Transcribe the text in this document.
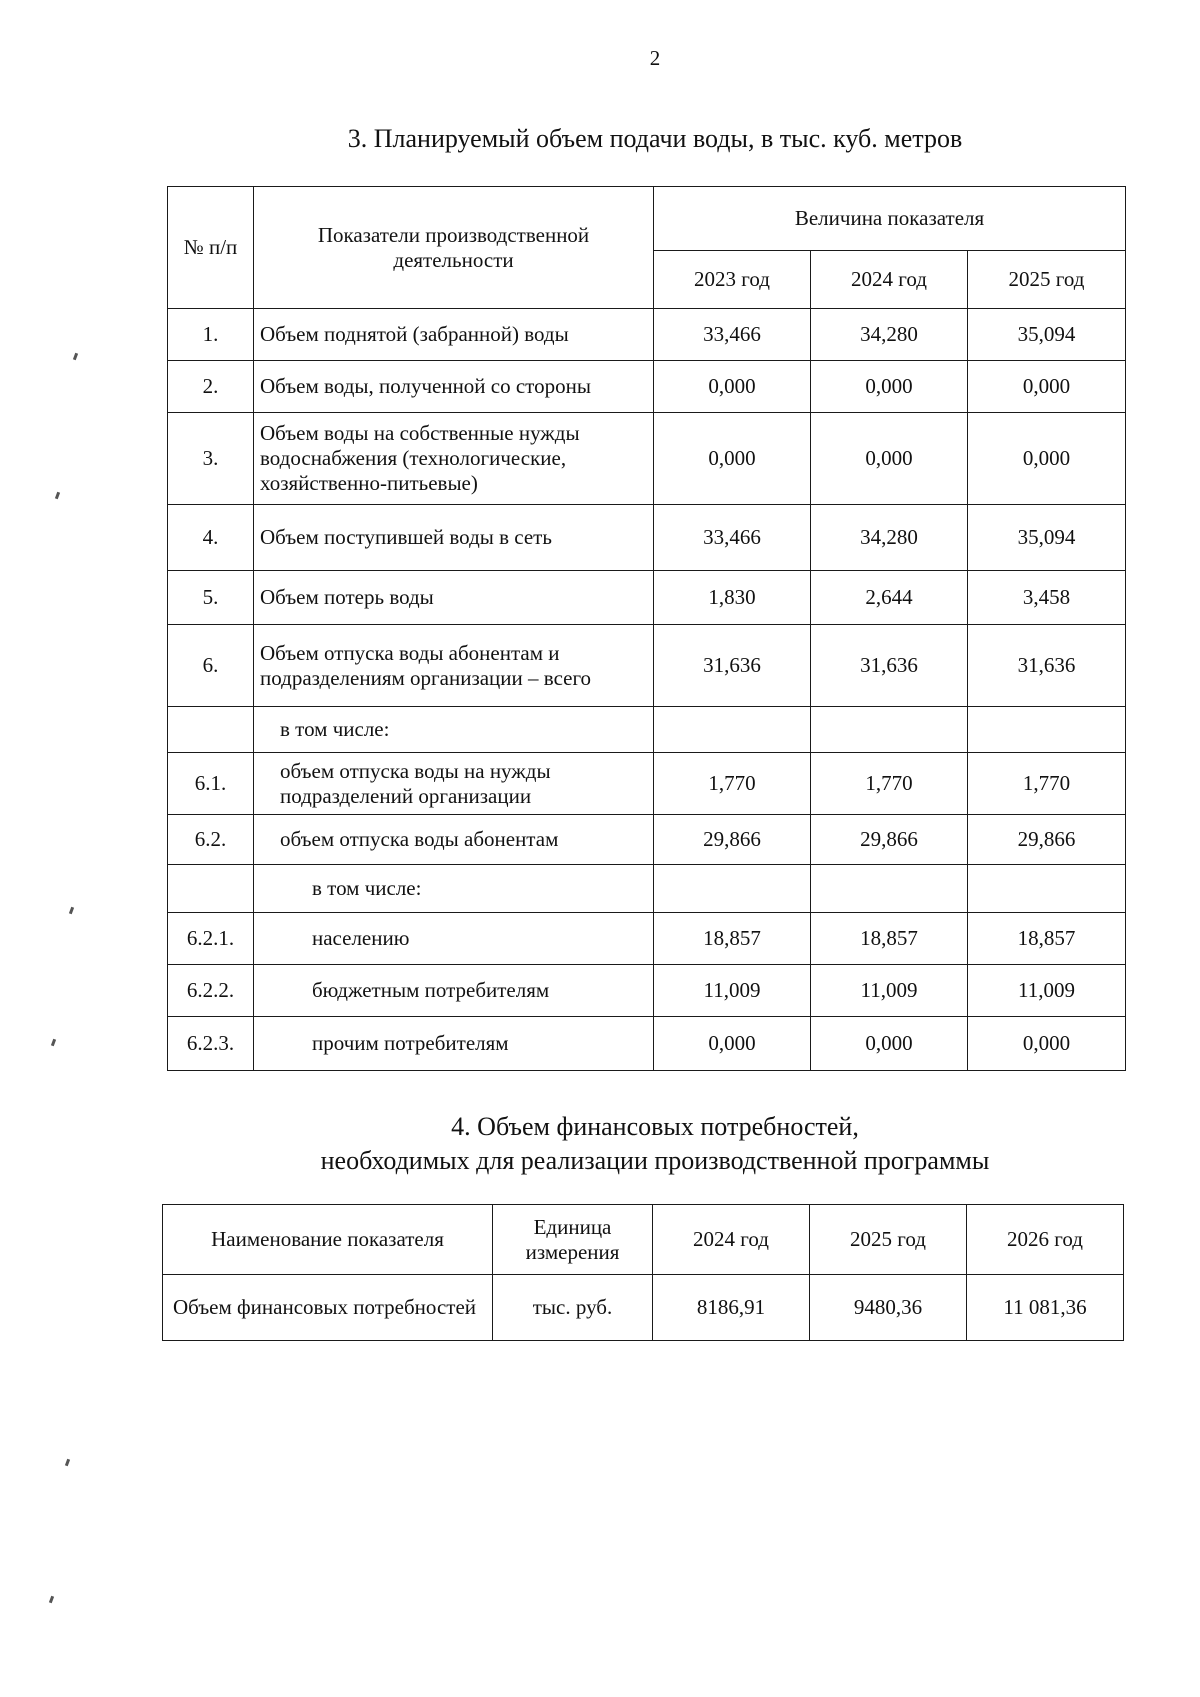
2
3. Планируемый объем подачи воды, в тыс. куб. метров
№ п/п	Показатели производственной деятельности	Величина показателя		
		2023 год	2024 год	2025 год
1.	Объем поднятой (забранной) воды	33,466	34,280	35,094
2.	Объем воды, полученной со стороны	0,000	0,000	0,000
3.	Объем воды на собственные нужды водоснабжения (технологические, хозяйственно-питьевые)	0,000	0,000	0,000
4.	Объем поступившей воды в сеть	33,466	34,280	35,094
5.	Объем потерь воды	1,830	2,644	3,458
6.	Объем отпуска воды абонентам и подразделениям организации – всего	31,636	31,636	31,636
	в том числе:			
6.1.	объем отпуска воды на нужды подразделений организации	1,770	1,770	1,770
6.2.	объем отпуска воды абонентам	29,866	29,866	29,866
	в том числе:			
6.2.1.	населению	18,857	18,857	18,857
6.2.2.	бюджетным потребителям	11,009	11,009	11,009
6.2.3.	прочим потребителям	0,000	0,000	0,000
4. Объем финансовых потребностей,
необходимых для реализации производственной программы
Наименование показателя	Единица измерения	2024 год	2025 год	2026 год
Объем финансовых потребностей	тыс. руб.	8186,91	9480,36	11 081,36
